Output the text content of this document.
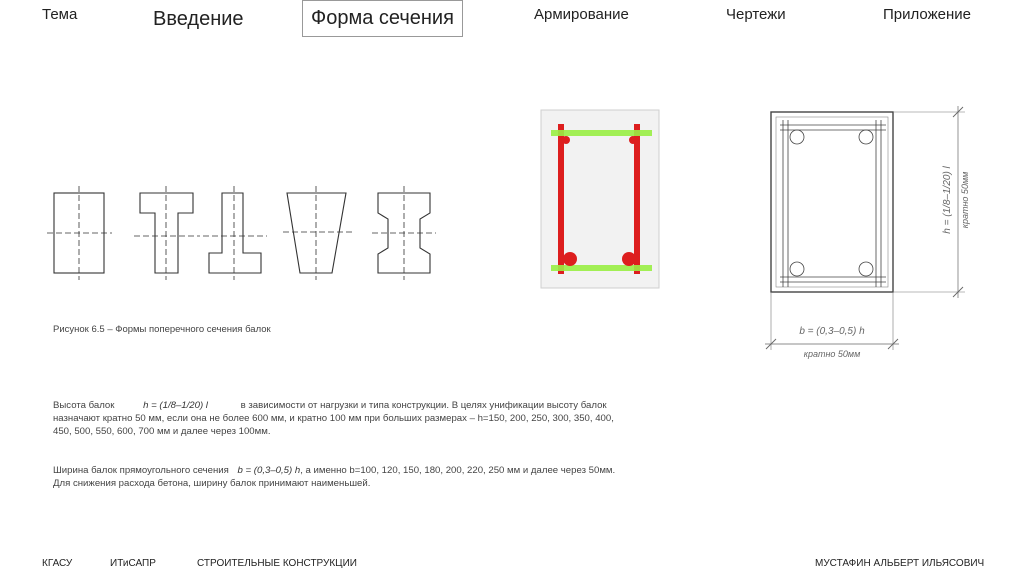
Тема	Введение	Форма сечения	Армирование	Чертежи	Приложение
h = (1/8–1/20) l кратно 50мм
b = (0,3–0,5) h
кратно 50мм
Рисунок 6.5 – Формы поперечного сечения балок
Высота балок	h = (1/8–1/20) l	в зависимости от нагрузки и типа конструкции. В целях унификации высоту балок
назначают кратно 50 мм, если она не более 600 мм, и кратно 100 мм при больших размерах – h=150, 200, 250, 300, 350, 400,
450, 500, 550, 600, 700 мм и далее через 100мм.
Ширина балок прямоугольного сечения b = (0,3–0,5) h, а именно b=100, 120, 150, 180, 200, 220, 250 мм и далее через 50мм.
Для снижения расхода бетона, ширину балок принимают наименьшей.
КГАСУ	ИТиСАПР	СТРОИТЕЛЬНЫЕ КОНСТРУКЦИИ	МУСТАФИН АЛЬБЕРТ ИЛЬЯСОВИЧ
